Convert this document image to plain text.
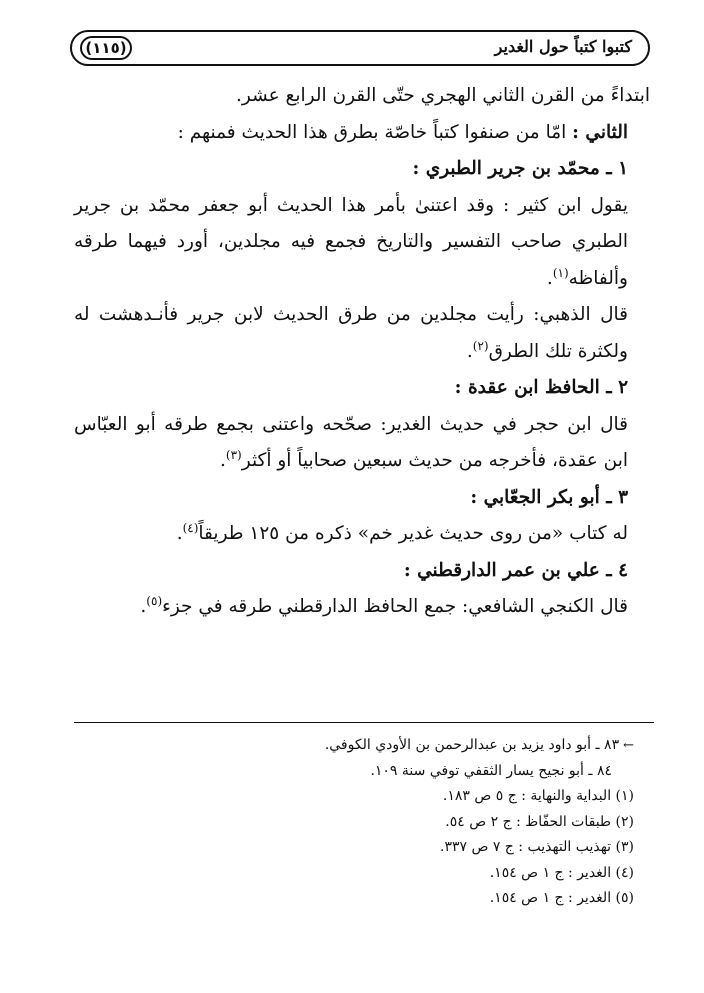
كتبوا كتباً حول الغدير
(١١٥)

ابتداءً من القرن الثاني الهجري حتّى القرن الرابع عشر.

الثاني : امّا من صنفوا كتباً خاصّة بطرق هذا الحديث فمنهم :

١ ـ محمّد بن جرير الطبري :

يقول ابن كثير : وقد اعتنىٰ بأمر هذا الحديث أبو جعفر محمّد بن جرير الطبري صاحب التفسير والتاريخ فجمع فيه مجلدين، أورد فيهما طرقه وألفاظه$^{(١)}$.

قال الذهبي: رأيت مجلدين من طرق الحديث لابن جرير فأنـدهشت له ولكثرة تلك الطرق$^{(٢)}$.

٢ ـ الحافظ ابن عقدة :

قال ابن حجر في حديث الغدير: صحّحه واعتنى بجمع طرقه أبو العبّاس ابن عقدة، فأخرجه من حديث سبعين صحابياً أو أكثر$^{(٣)}$.

٣ ـ أبو بكر الجعّابي :

له كتاب «من روى حديث غدير خم» ذكره من ١٢٥ طريقاً$^{(٤)}$.

٤ ـ علي بن عمر الدارقطني :

قال الكنجي الشافعي: جمع الحافظ الدارقطني طرقه في جزء$^{(٥)}$.

←٨٣ ـ أبو داود يزيد بن عبدالرحمن بن الأودي الكوفي.

٨٤ ـ أبو نجيح يسار الثقفي توفي سنة ١٠٩.

(١) البداية والنهاية : ج ٥ ص ١٨٣.

(٢) طبقات الحفّاظ : ج ٢ ص ٥٤.

(٣) تهذيب التهذيب : ج ٧ ص ٣٣٧.

(٤) الغدير : ج ١ ص ١٥٤.

(٥) الغدير : ج ١ ص ١٥٤.
